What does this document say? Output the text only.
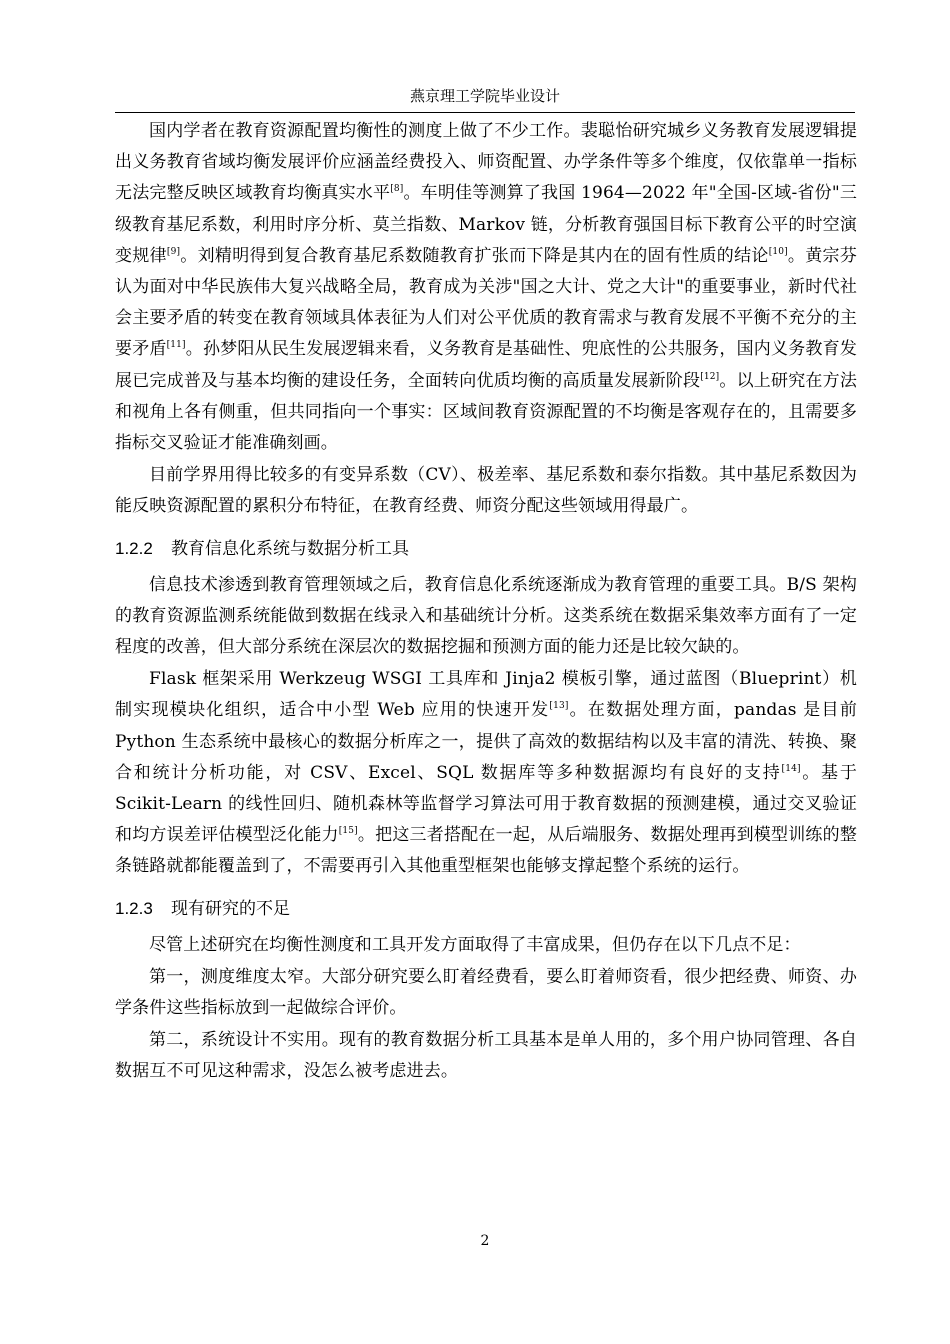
燕京理工学院毕业设计

国内学者在教育资源配置均衡性的测度上做了不少工作。裴聪怡研究城乡义务教育发展逻辑提出义务教育省域均衡发展评价应涵盖经费投入、师资配置、办学条件等多个维度，仅依靠单一指标无法完整反映区域教育均衡真实水平[8]。车明佳等测算了我国 1964—2022 年"全国-区域-省份"三级教育基尼系数，利用时序分析、莫兰指数、Markov 链，分析教育强国目标下教育公平的时空演变规律[9]。刘精明得到复合教育基尼系数随教育扩张而下降是其内在的固有性质的结论[10]。黄宗芬认为面对中华民族伟大复兴战略全局，教育成为关涉"国之大计、党之大计"的重要事业，新时代社会主要矛盾的转变在教育领域具体表征为人们对公平优质的教育需求与教育发展不平衡不充分的主要矛盾[11]。孙梦阳从民生发展逻辑来看，义务教育是基础性、兜底性的公共服务，国内义务教育发展已完成普及与基本均衡的建设任务，全面转向优质均衡的高质量发展新阶段[12]。以上研究在方法和视角上各有侧重，但共同指向一个事实：区域间教育资源配置的不均衡是客观存在的，且需要多指标交叉验证才能准确刻画。

目前学界用得比较多的有变异系数（CV）、极差率、基尼系数和泰尔指数。其中基尼系数因为能反映资源配置的累积分布特征，在教育经费、师资分配这些领域用得最广。

1.2.2 教育信息化系统与数据分析工具

信息技术渗透到教育管理领域之后，教育信息化系统逐渐成为教育管理的重要工具。B/S 架构的教育资源监测系统能做到数据在线录入和基础统计分析。这类系统在数据采集效率方面有了一定程度的改善，但大部分系统在深层次的数据挖掘和预测方面的能力还是比较欠缺的。

Flask 框架采用 Werkzeug WSGI 工具库和 Jinja2 模板引擎，通过蓝图（Blueprint）机制实现模块化组织，适合中小型 Web 应用的快速开发[13]。在数据处理方面，pandas 是目前 Python 生态系统中最核心的数据分析库之一，提供了高效的数据结构以及丰富的清洗、转换、聚合和统计分析功能，对 CSV、Excel、SQL 数据库等多种数据源均有良好的支持[14]。基于 Scikit-Learn 的线性回归、随机森林等监督学习算法可用于教育数据的预测建模，通过交叉验证和均方误差评估模型泛化能力[15]。把这三者搭配在一起，从后端服务、数据处理再到模型训练的整条链路就都能覆盖到了，不需要再引入其他重型框架也能够支撑起整个系统的运行。

1.2.3 现有研究的不足

尽管上述研究在均衡性测度和工具开发方面取得了丰富成果，但仍存在以下几点不足：

第一，测度维度太窄。大部分研究要么盯着经费看，要么盯着师资看，很少把经费、师资、办学条件这些指标放到一起做综合评价。

第二，系统设计不实用。现有的教育数据分析工具基本是单人用的，多个用户协同管理、各自数据互不可见这种需求，没怎么被考虑进去。

2
